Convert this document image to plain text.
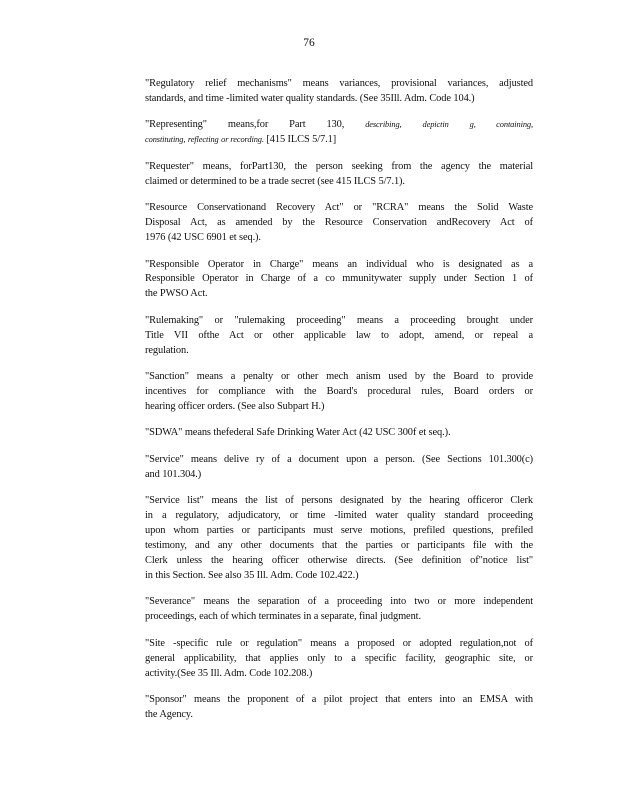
76

"Regulatory relief mechanisms" means variances, provisional variances, adjusted
standards, and time -limited water quality standards. (See 35Ill. Adm. Code 104.)

"Representing" means,for Part 130, describing, depictin g, containing,
constituting, reflecting or recording. [415 ILCS 5/7.1]

"Requester" means, forPart130, the person seeking from the agency the material
claimed or determined to be a trade secret (see 415 ILCS 5/7.1).

"Resource Conservationand Recovery Act" or "RCRA" means the Solid Waste
Disposal Act, as amended by the Resource Conservation andRecovery Act of
1976 (42 USC 6901 et seq.).

"Responsible Operator in Charge" means an individual who is designated as a
Responsible Operator in Charge of a co mmunitywater supply under Section 1 of
the PWSO Act.

"Rulemaking" or "rulemaking proceeding" means a proceeding brought under
Title VII ofthe Act or other applicable law to adopt, amend, or repeal a
regulation.

"Sanction" means a penalty or other mech anism used by the Board to provide
incentives for compliance with the Board's procedural rules, Board orders or
hearing officer orders. (See also Subpart H.)

"SDWA" means thefederal Safe Drinking Water Act (42 USC 300f et seq.).

"Service" means delive ry of a document upon a person. (See Sections 101.300(c)
and 101.304.)

"Service list" means the list of persons designated by the hearing officeror Clerk
in a regulatory, adjudicatory, or time -limited water quality standard proceeding
upon whom parties or participants must serve motions, prefiled questions, prefiled
testimony, and any other documents that the parties or participants file with the
Clerk unless the hearing officer otherwise directs. (See definition of"notice list"
in this Section. See also 35 Ill. Adm. Code 102.422.)

"Severance" means the separation of a proceeding into two or more independent
proceedings, each of which terminates in a separate, final judgment.

"Site -specific rule or regulation" means a proposed or adopted regulation,not of
general applicability, that applies only to a specific facility, geographic site, or
activity.(See 35 Ill. Adm. Code 102.208.)

"Sponsor" means the proponent of a pilot project that enters into an EMSA with
the Agency.
